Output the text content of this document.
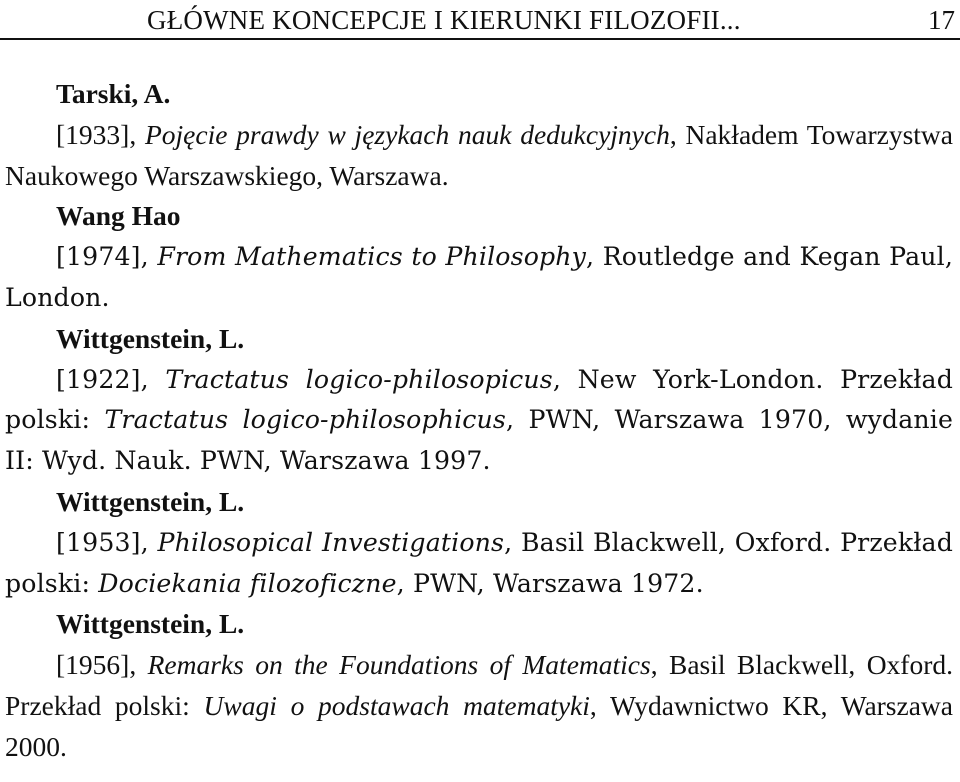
GŁÓWNE KONCEPCJE I KIERUNKI FILOZOFII...	17
Tarski, A.
[1933], Pojęcie prawdy w językach nauk dedukcyjnych, Nakładem Towarzystwa Naukowego Warszawskiego, Warszawa.
Wang Hao
[1974], From Mathematics to Philosophy, Routledge and Kegan Paul, London.
Wittgenstein, L.
[1922], Tractatus logico-philosopicus, New York-London. Przekład polski: Tractatus logico-philosophicus, PWN, Warszawa 1970, wydanie II: Wyd. Nauk. PWN, Warszawa 1997.
Wittgenstein, L.
[1953], Philosopical Investigations, Basil Blackwell, Oxford. Przekład polski: Dociekania filozoficzne, PWN, Warszawa 1972.
Wittgenstein, L.
[1956], Remarks on the Foundations of Matematics, Basil Blackwell, Oxford. Przekład polski: Uwagi o podstawach matematyki, Wydawnictwo KR, Warszawa 2000.
